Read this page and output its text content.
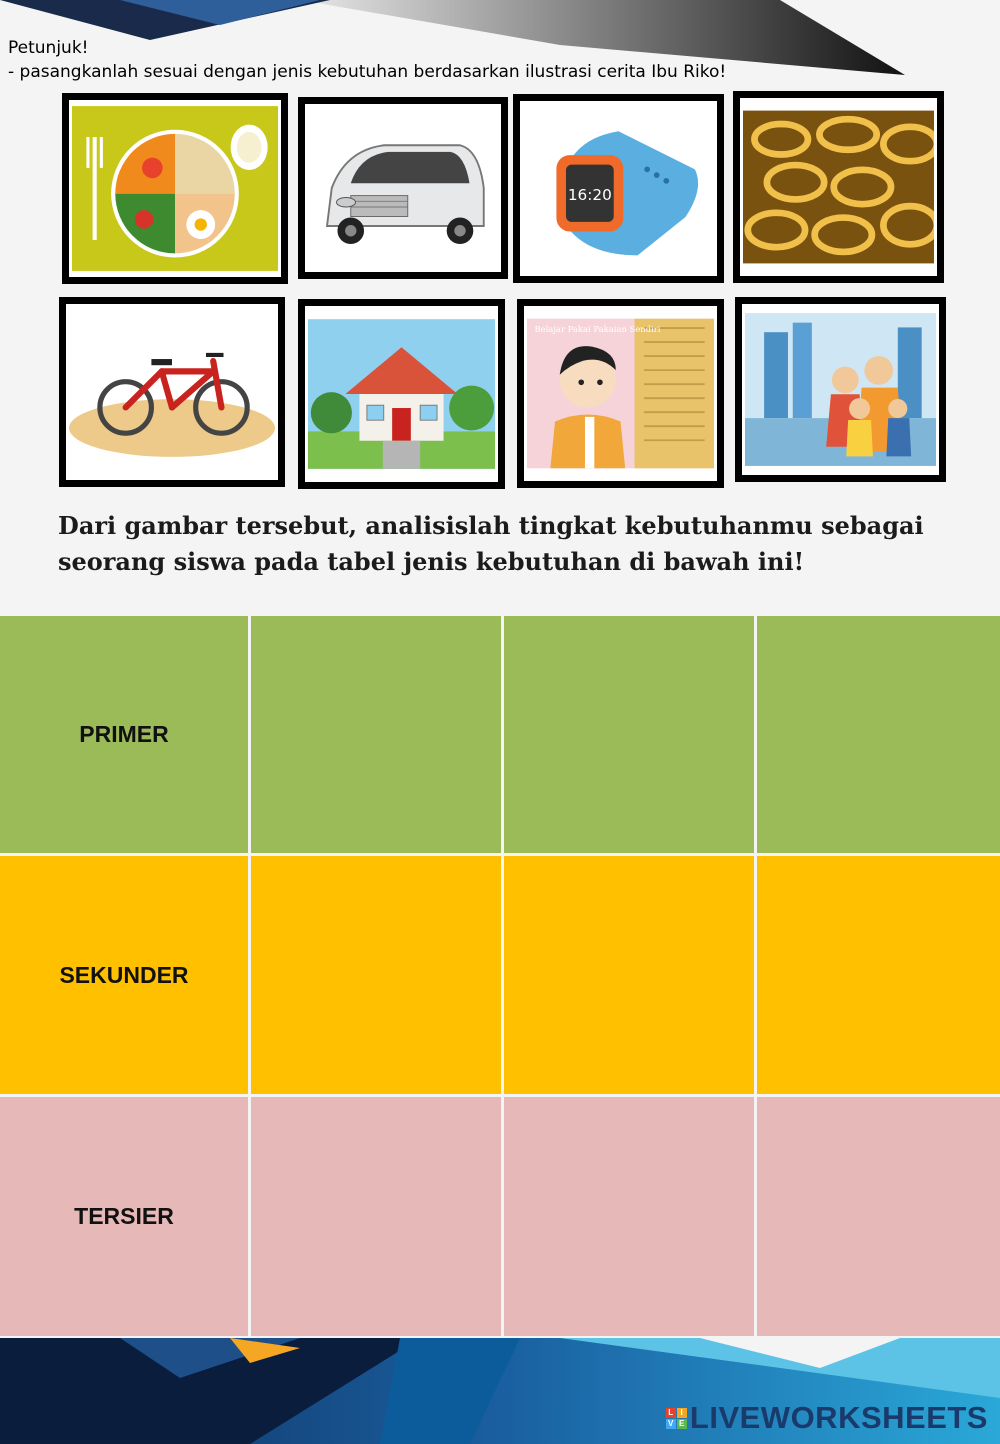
Petunjuk!
- pasangkanlah sesuai dengan jenis kebutuhan berdasarkan ilustrasi cerita Ibu Riko!
16:20
Belajar Pakai Pakaian Sendiri
Dari gambar tersebut, analisislah tingkat kebutuhanmu sebagai seorang siswa pada tabel jenis kebutuhan di bawah ini!
PRIMER
SEKUNDER
TERSIER
L I
V E LIVEWORKSHEETS
